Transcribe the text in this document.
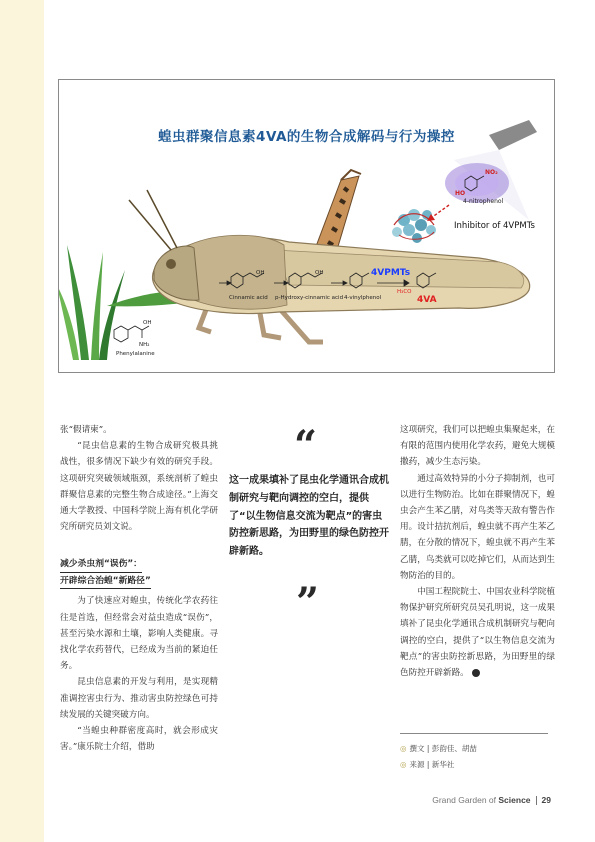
蝗虫群聚信息素4VA的生物合成解码与行为操控
OH
NH₂
Phenylalanine
OH
Cinnamic acid
OH
p-Hydroxy-cinnamic acid 4-vinylphenol
H₃CO
4VPMTs
4VA
HO
NO₂
4-nitrophenol
Inhibitor of 4VPMTs

张“假请柬”。

“昆虫信息素的生物合成研究极具挑战性，很多情况下缺少有效的研究手段。这项研究突破领域瓶颈，系统剖析了蝗虫群聚信息素的完整生物合成途径。”上海交通大学教授、中国科学院上海有机化学研究所研究员刘文说。

减少杀虫剂“误伤”：
开辟综合治蝗“新路径”

为了快速应对蝗虫，传统化学农药往往是首选，但经常会对益虫造成“误伤”，甚至污染水源和土壤，影响人类健康。寻找化学农药替代，已经成为当前的紧迫任务。

昆虫信息素的开发与利用，是实现精准调控害虫行为、推动害虫防控绿色可持续发展的关键突破方向。

“当蝗虫种群密度高时，就会形成灾害。”康乐院士介绍，借助

“
这一成果填补了昆虫化学通讯合成机制研究与靶向调控的空白，提供了“以生物信息交流为靶点”的害虫防控新思路，为田野里的绿色防控开辟新路。
”

这项研究，我们可以把蝗虫集聚起来，在有限的范围内使用化学农药，避免大规模撒药，减少生态污染。

通过高效特异的小分子抑制剂，也可以进行生物防治。比如在群聚情况下，蝗虫会产生苯乙腈，对鸟类等天敌有警告作用。设计拮抗剂后，蝗虫就不再产生苯乙腈，在分散的情况下，蝗虫就不再产生苯乙腈，鸟类就可以吃掉它们，从而达到生物防治的目的。

中国工程院院士、中国农业科学院植物保护研究所研究员吴孔明说，这一成果填补了昆虫化学通讯合成机制研究与靶向调控的空白，提供了“以生物信息交流为靶点”的害虫防控新思路，为田野里的绿色防控开辟新路。	S

◎ 撰文 | 彭韵佳、胡喆
◎ 来源 | 新华社
Grand Garden of Science 29
